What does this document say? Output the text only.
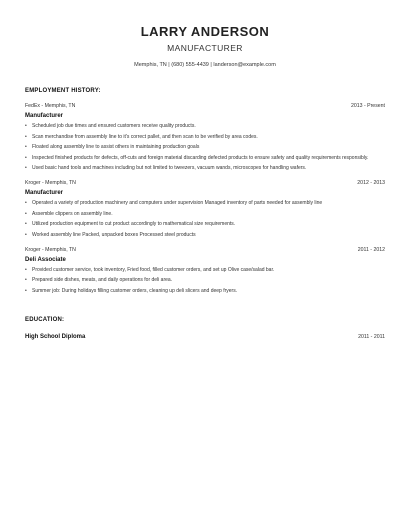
LARRY ANDERSON
MANUFACTURER
Memphis, TN | (680) 555-4439 | landerson@example.com
EMPLOYMENT HISTORY:
FedEx - Memphis, TN	2013 - Present
Manufacturer
• Scheduled job due times and ensured customers receive quality products.
• Scan merchandise from assembly line to it's correct pallet, and then scan to be verified by area codes.
• Floated along assembly line to assist others in maintaining production goals
• Inspected finished products for defects, off-cuts and foreign material discarding defected products to ensure safety and quality requirements responsibly.
• Used basic hand tools and machines including but not limited to tweezers, vacuum wands, microscopes for handling wafers.
Kroger - Memphis, TN	2012 - 2013
Manufacturer
• Operated a variety of production machinery and computers under supervision Managed inventory of parts needed for assembly line
• Assemble clippers on assembly line.
• Utilized production equipment to cut product accordingly to mathematical size requirements.
• Worked assembly line Packed, unpacked boxes Processed steel products
Kroger - Memphis, TN	2011 - 2012
Deli Associate
• Provided customer service, took inventory, Fried food, filled customer orders, and set up Olive case/salad bar.
• Prepared side dishes, meats, and daily operations for deli area.
• Summer job: During holidays filling customer orders, cleaning up deli slicers and deep fryers.
EDUCATION:
High School Diploma	2011 - 2011
